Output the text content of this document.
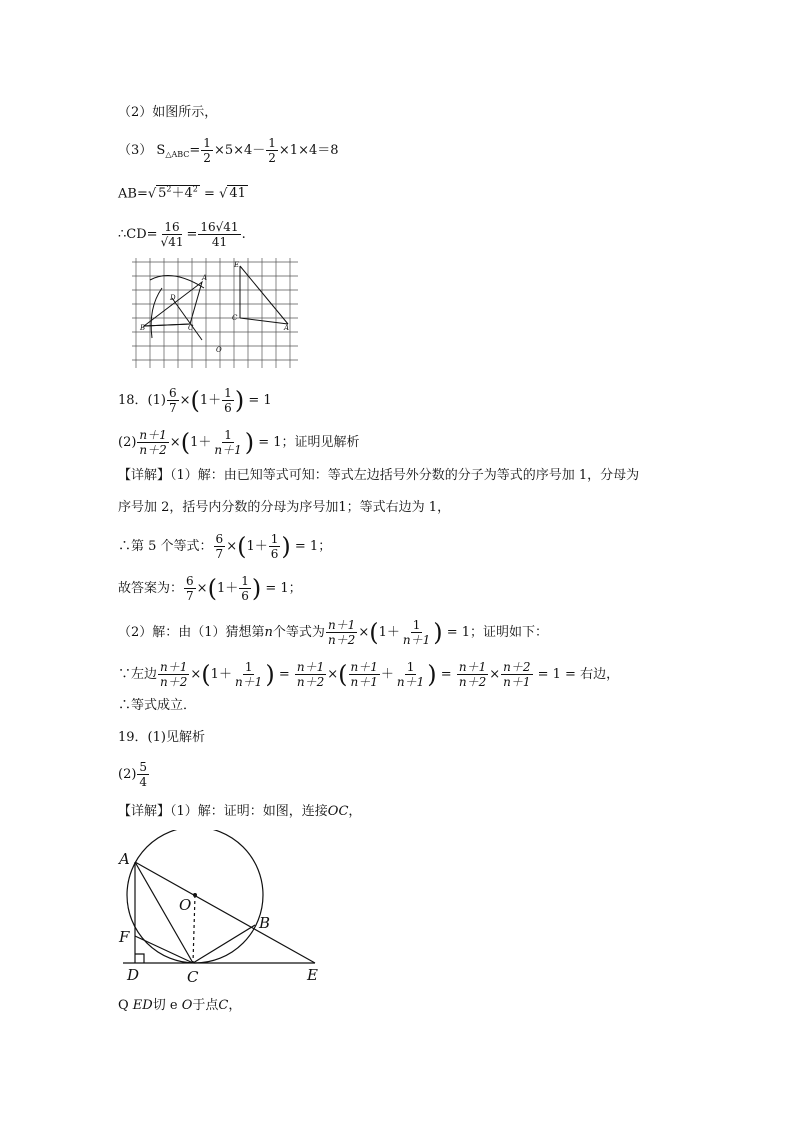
（2）如图所示，
（3） $S_{\triangle ABC}= \frac{1}{2} \times 5\times 4- \frac{1}{2} \times 1\times 4=8$
AB=√ $5^2+4^2$ = √ 41
∴CD= $\frac{16}{√41} = \frac{16√41}{41}$ .
E
A
B	C
D
A
C
O
18．$(1) \frac{6}{7} \times(1+ \frac{1}{6}$ ) = 1
$(2) \frac{n+1}{n+2} \times(1+ \frac{1}{n+1}$ ) = 1；证明见解析
【详解】（1）解：由已知等式可知：等式左边括号外分数的分子为等式的序号加 1，分母为
序号加 2，括号内分数的分母为序号加1；等式右边为 1，
∴第 5 个等式： $\frac{6}{7} \times(1+ \frac{1}{6}$ ) = 1；
故答案为： $\frac{6}{7} \times(1+ \frac{1}{6}$ ) = 1；
（2）解：由（1）猜想第n个等式为 $\frac{n+1}{n+2} \times(1+ \frac{1}{n+1}$ ) = 1；证明如下：
∵左边 $\frac{n+1}{n+2} \times(1+ \frac{1}{n+1}$ ) = $\frac{n+1}{n+2}$ ×( $\frac{n+1}{n+1} + \frac{1}{n+1}$ ) = $\frac{n+1}{n+2} \times \frac{n+2}{n+1} = 1$ = 右边，
∴等式成立．
19．(1)见解析
$(2) \frac{5}{4}$
【详解】（1）解：证明：如图，连接OC，
A
O
B
F
D	C	E
Q ED切 e O于点C，
